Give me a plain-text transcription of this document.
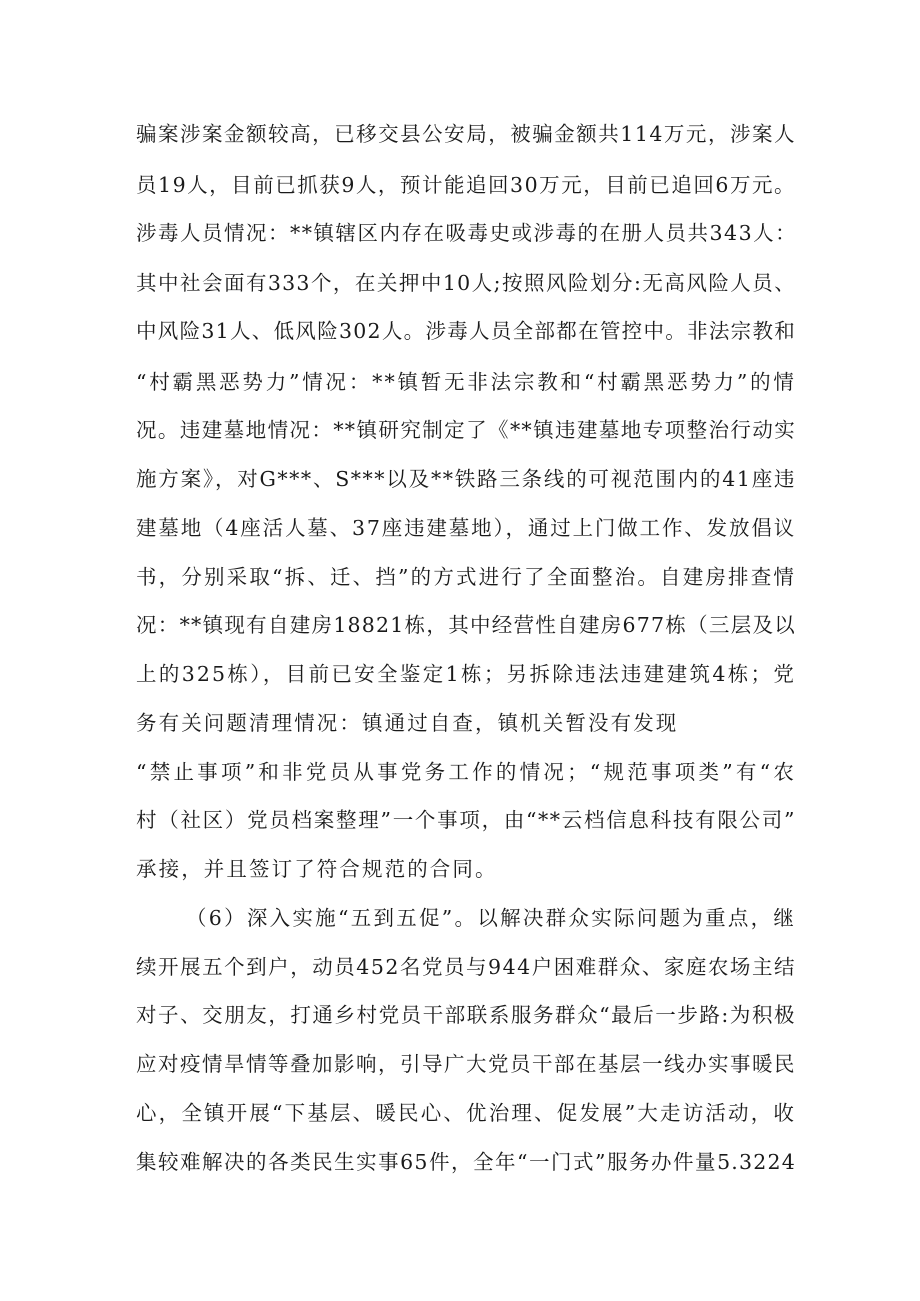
骗案涉案金额较高，已移交县公安局，被骗金额共114万元，涉案人
员19人，目前已抓获9人，预计能追回30万元，目前已追回6万元。
涉毒人员情况：**镇辖区内存在吸毒史或涉毒的在册人员共343人：
其中社会面有333个，在关押中10人;按照风险划分:无高风险人员、
中风险31人、低风险302人。涉毒人员全部都在管控中。非法宗教和
“村霸黑恶势力”情况：**镇暂无非法宗教和“村霸黑恶势力”的情
况。违建墓地情况：**镇研究制定了《**镇违建墓地专项整治行动实
施方案》，对G***、S***以及**铁路三条线的可视范围内的41座违
建墓地（4座活人墓、37座违建墓地），通过上门做工作、发放倡议
书，分别采取“拆、迁、挡”的方式进行了全面整治。自建房排查情
况：**镇现有自建房18821栋，其中经营性自建房677栋（三层及以
上的325栋），目前已安全鉴定1栋；另拆除违法违建建筑4栋；党
务有关问题清理情况：镇通过自查，镇机关暂没有发现
“禁止事项”和非党员从事党务工作的情况；“规范事项类”有“农
村（社区）党员档案整理”一个事项，由“**云档信息科技有限公司”
承接，并且签订了符合规范的合同。
（6）深入实施“五到五促”。以解决群众实际问题为重点，继
续开展五个到户，动员452名党员与944户困难群众、家庭农场主结
对子、交朋友，打通乡村党员干部联系服务群众“最后一步路:为积极
应对疫情旱情等叠加影响，引导广大党员干部在基层一线办实事暖民
心，全镇开展“下基层、暖民心、优治理、促发展”大走访活动，收
集较难解决的各类民生实事65件，全年“一门式”服务办件量5.3224
